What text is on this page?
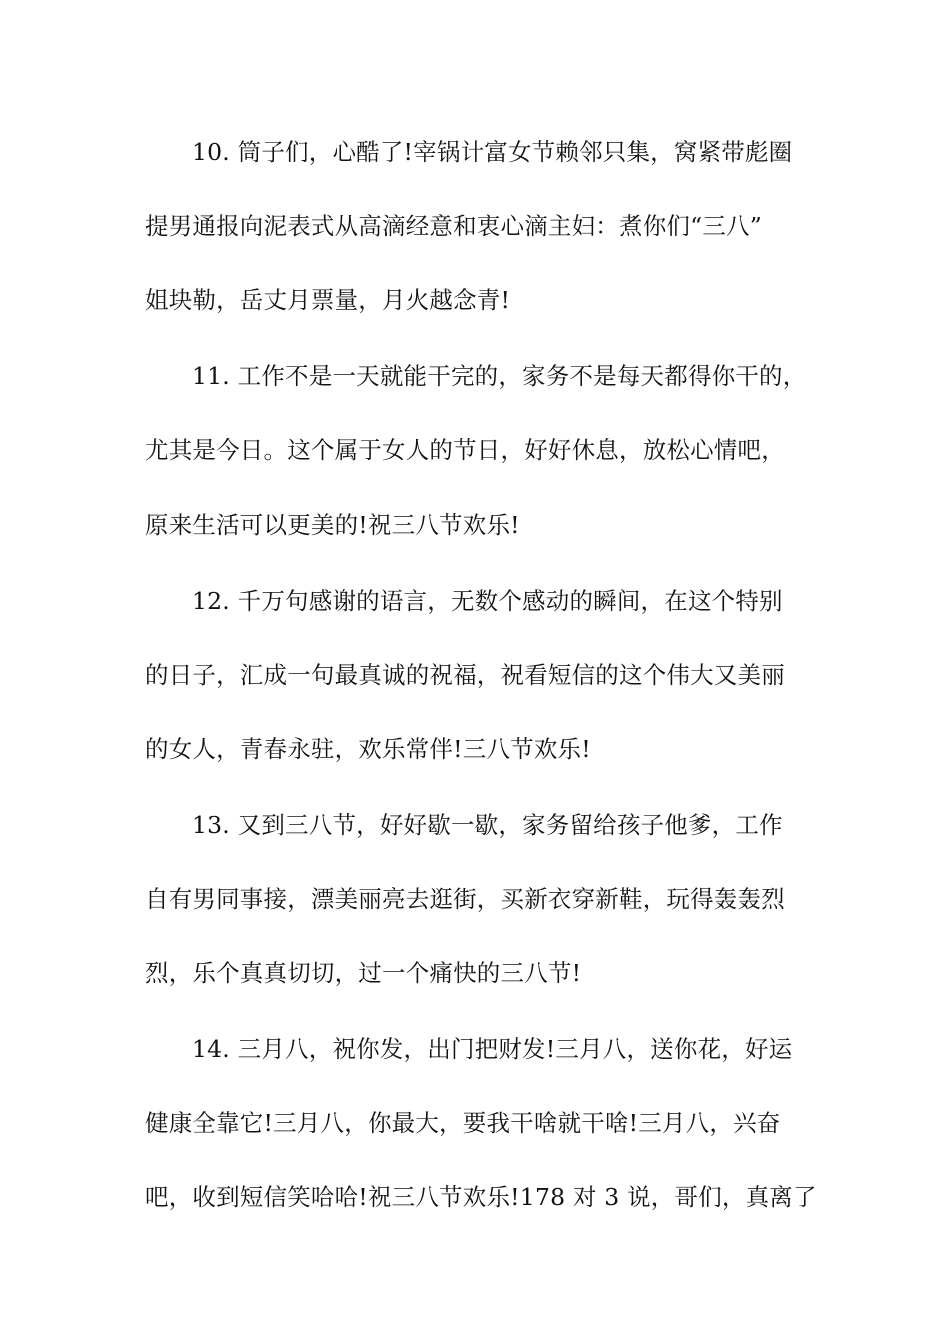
10. 筒子们，心酷了!宰锅计富女节赖邻只集，窝紧带彪圈
提男通报向泥表式从高滴经意和衷心滴主妇：煮你们“三八”
姐块勒，岳丈月票量，月火越念青!
11. 工作不是一天就能干完的，家务不是每天都得你干的，
尤其是今日。这个属于女人的节日，好好休息，放松心情吧，
原来生活可以更美的!祝三八节欢乐!
12. 千万句感谢的语言，无数个感动的瞬间，在这个特别
的日子，汇成一句最真诚的祝福，祝看短信的这个伟大又美丽
的女人，青春永驻，欢乐常伴!三八节欢乐!
13. 又到三八节，好好歇一歇，家务留给孩子他爹，工作
自有男同事接，漂美丽亮去逛街，买新衣穿新鞋，玩得轰轰烈
烈，乐个真真切切，过一个痛快的三八节!
14. 三月八，祝你发，出门把财发!三月八，送你花，好运
健康全靠它!三月八，你最大，要我干啥就干啥!三月八，兴奋
吧，收到短信笑哈哈!祝三八节欢乐!178 对 3 说，哥们，真离了
